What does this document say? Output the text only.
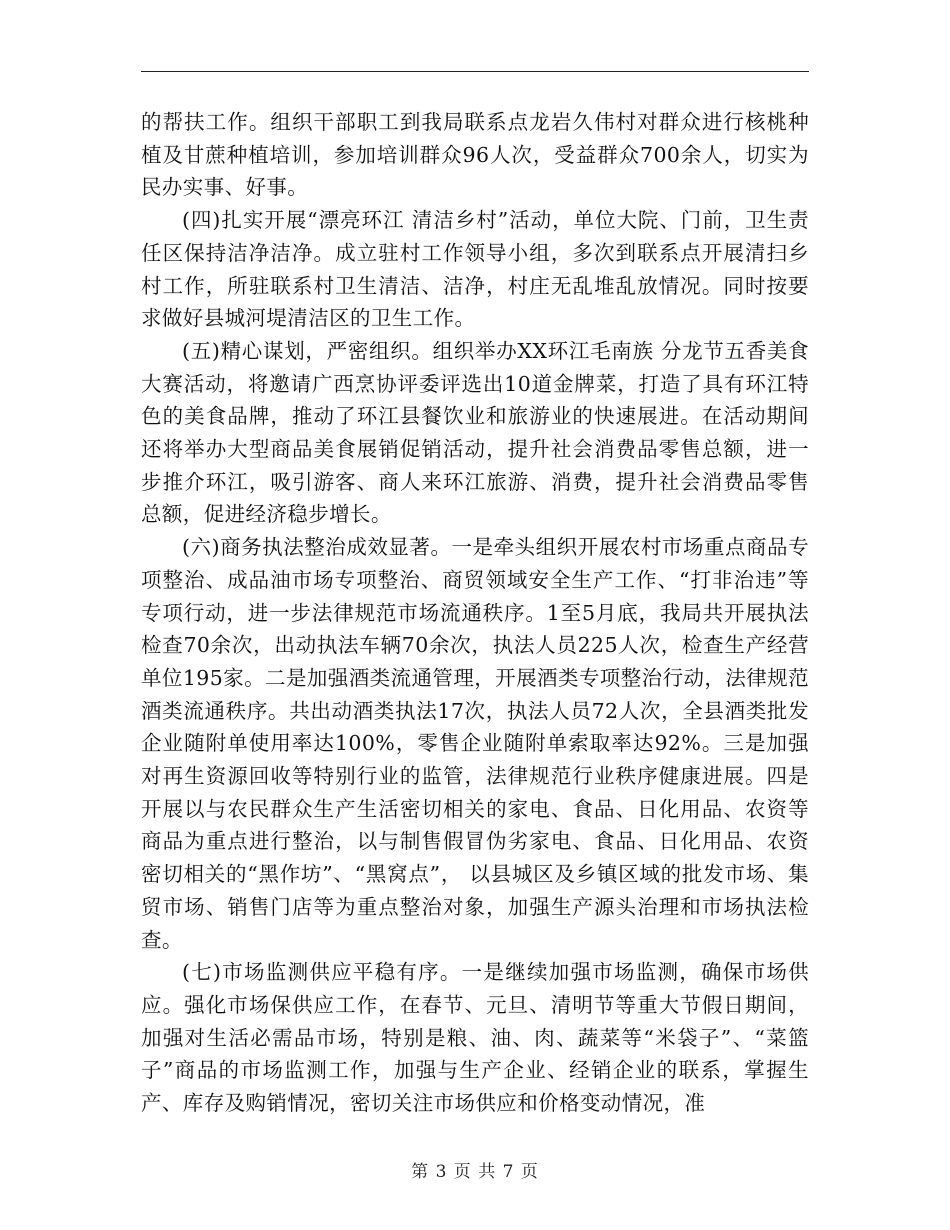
的帮扶工作。组织干部职工到我局联系点龙岩久伟村对群众进行核桃种植及甘蔗种植培训，参加培训群众96人次，受益群众700余人，切实为民办实事、好事。

(四)扎实开展“漂亮环江 清洁乡村”活动，单位大院、门前，卫生责任区保持洁净洁净。成立驻村工作领导小组，多次到联系点开展清扫乡村工作，所驻联系村卫生清洁、洁净，村庄无乱堆乱放情况。同时按要求做好县城河堤清洁区的卫生工作。

(五)精心谋划，严密组织。组织举办XX环江毛南族 分龙节五香美食大赛活动，将邀请广西烹协评委评选出10道金牌菜，打造了具有环江特色的美食品牌，推动了环江县餐饮业和旅游业的快速展进。在活动期间还将举办大型商品美食展销促销活动，提升社会消费品零售总额，进一步推介环江，吸引游客、商人来环江旅游、消费，提升社会消费品零售总额，促进经济稳步增长。

(六)商务执法整治成效显著。一是牵头组织开展农村市场重点商品专项整治、成品油市场专项整治、商贸领域安全生产工作、“打非治违”等专项行动，进一步法律规范市场流通秩序。1至5月底，我局共开展执法检查70余次，出动执法车辆70余次，执法人员225人次，检查生产经营单位195家。二是加强酒类流通管理，开展酒类专项整治行动，法律规范酒类流通秩序。共出动酒类执法17次，执法人员72人次，全县酒类批发企业随附单使用率达100%，零售企业随附单索取率达92%。三是加强对再生资源回收等特别行业的监管，法律规范行业秩序健康进展。四是开展以与农民群众生产生活密切相关的家电、食品、日化用品、农资等商品为重点进行整治，以与制售假冒伪劣家电、食品、日化用品、农资密切相关的“黑作坊”、“黑窝点”， 以县城区及乡镇区域的批发市场、集贸市场、销售门店等为重点整治对象，加强生产源头治理和市场执法检查。

(七)市场监测供应平稳有序。一是继续加强市场监测，确保市场供应。强化市场保供应工作，在春节、元旦、清明节等重大节假日期间，加强对生活必需品市场，特别是粮、油、肉、蔬菜等“米袋子”、“菜篮子”商品的市场监测工作，加强与生产企业、经销企业的联系，掌握生产、库存及购销情况，密切关注市场供应和价格变动情况，准

第 3 页 共 7 页
